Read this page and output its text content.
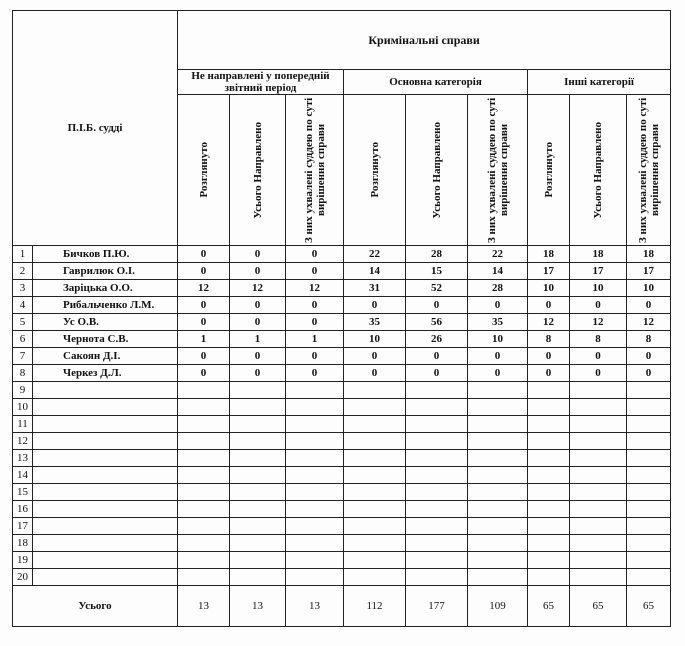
П.І.Б. судді		Кримінальні справи								
		Не направлені у попередній звітний період			Основна категорія			Інші категорії		

		Розглянуто	Усього Направлено	З них ухвалені суддею по суті вирішення справи	Розглянуто	Усього Направлено	З них ухвалені суддею по суті вирішення справи	Розглянуто	Усього Направлено	З них ухвалені суддею по суті вирішення справи

1	Бичков П.Ю.	0	0	0	22	28	22	18	18	18
2	Гаврилюк О.І.	0	0	0	14	15	14	17	17	17
3	Заріцька О.О.	12	12	12	31	52	28	10	10	10
4	Рибальченко Л.М.	0	0	0	0	0	0	0	0	0
5	Ус О.В.	0	0	0	35	56	35	12	12	12
6	Чернота С.В.	1	1	1	10	26	10	8	8	8
7	Сакоян Д.І.	0	0	0	0	0	0	0	0	0
8	Черкез Д.Л.	0	0	0	0	0	0	0	0	0
9										
10										
11										
12										
13										
14										
15										
16										
17										
18										
19										
20										
Усього		13	13	13	112	177	109	65	65	65
